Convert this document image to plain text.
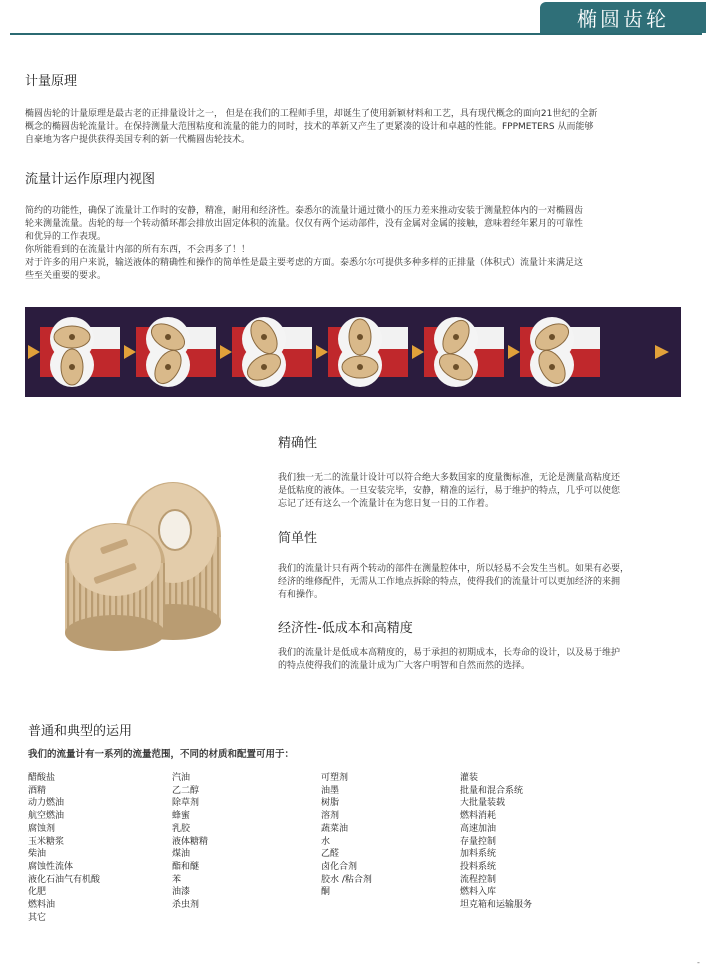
椭圆齿轮
计量原理

椭圆齿轮的计量原理是最古老的正排量设计之一， 但是在我们的工程师手里，却诞生了使用新颖材料和工艺，具有现代概念的面向21世纪的全新
概念的椭圆齿轮流量计。在保持测量大范围粘度和流量的能力的同时，技术的革新又产生了更紧凑的设计和卓越的性能。FPPMETERS 从而能够
自豪地为客户提供获得美国专利的新一代椭圆齿轮技术。

流量计运作原理内视图

简约的功能性，确保了流量计工作时的安静，精准，耐用和经济性。泰悉尔的流量计通过微小的压力差来推动安装于测量腔体内的一对椭圆齿
轮来测量流量。齿轮的每一个转动循环都会排放出固定体积的流量。仅仅有两个运动部件，没有金属对金属的接触，意味着经年累月的可靠性
和优异的工作表现。
你所能看到的在流量计内部的所有东西，不会再多了！！
对于许多的用户来说，输送液体的精确性和操作的简单性是最主要考虑的方面。泰悉尔尔可提供多种多样的正排量（体积式）流量计来满足这
些至关重要的要求。

精确性

我们独一无二的流量计设计可以符合绝大多数国家的度量衡标准，无论是测量高粘度还
是低粘度的液体。一旦安装完毕，安静，精准的运行，易于维护的特点，几乎可以使您
忘记了还有这么一个流量计在为您日复一日的工作着。

简单性

我们的流量计只有两个转动的部件在测量腔体中，所以轻易不会发生当机。如果有必要，
经济的维修配件，无需从工作地点拆除的特点，使得我们的流量计可以更加经济的来拥
有和操作。

经济性-低成本和高精度

我们的流量计是低成本高精度的，易于承担的初期成本，长寿命的设计，以及易于维护
的特点使得我们的流量计成为广大客户明智和自然而然的选择。

普通和典型的运用
我们的流量计有一系列的流量范围，不同的材质和配置可用于：
醋酸盐
酒精
动力燃油
航空燃油
腐蚀剂
玉米糖浆
柴油
腐蚀性流体
液化石油气有机酸
化肥
燃料油
其它
汽油
乙二醇
除草剂
蜂蜜
乳胶
液体糖精
煤油
酯和醚
苯
油漆
杀虫剂
可塑剂
油墨
树脂
溶剂
蔬菜油
水
乙醛
卤化合剂
胶水 /粘合剂
酮
灌装
批量和混合系统
大批量装载
燃料消耗
高速加油
存量控制
加料系统
投料系统
流程控制
燃料入库
坦克箱和运输服务
-
